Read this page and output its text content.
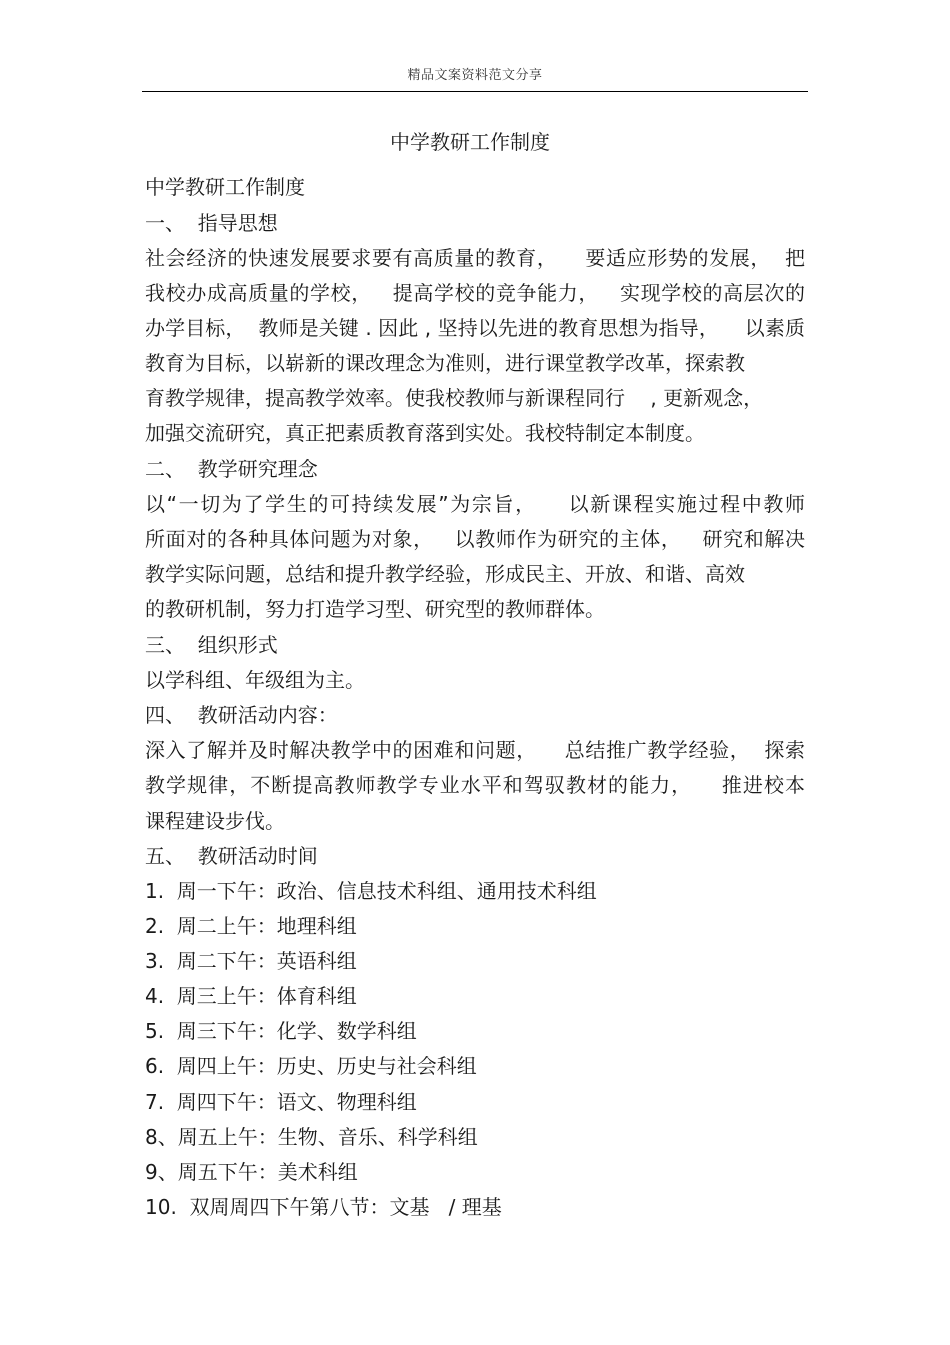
精品文案资料范文分享
中学教研工作制度
中学教研工作制度
一、  指导思想
社会经济的快速发展要求要有高质量的教育，    要适应形势的发展，  把
我校办成高质量的学校，   提高学校的竞争能力，   实现学校的高层次的
办学目标，  教师是关键 . 因此 , 坚持以先进的教育思想为指导，    以素质
教育为目标，以崭新的课改理念为准则，进行课堂教学改革，探索教
育教学规律，提高教学效率。使我校教师与新课程同行    , 更新观念，
加强交流研究，真正把素质教育落到实处。我校特制定本制度。
二、  教学研究理念
以“一切为了学生的可持续发展”为宗旨，    以新课程实施过程中教师
所面对的各种具体问题为对象，   以教师作为研究的主体，   研究和解决
教学实际问题，总结和提升教学经验，形成民主、开放、和谐、高效
的教研机制，努力打造学习型、研究型的教师群体。
三、  组织形式
以学科组、年级组为主。
四、  教研活动内容：
深入了解并及时解决教学中的困难和问题，    总结推广教学经验，  探索
教学规律，不断提高教师教学专业水平和驾驭教材的能力，    推进校本
课程建设步伐。
五、  教研活动时间
1.  周一下午：政治、信息技术科组、通用技术科组
2.  周二上午：地理科组
3.  周二下午：英语科组
4.  周三上午：体育科组
5.  周三下午：化学、数学科组
6.  周四上午：历史、历史与社会科组
7.  周四下午：语文、物理科组
8、周五上午：生物、音乐、科学科组
9、周五下午：美术科组
10.  双周周四下午第八节：文基   / 理基
